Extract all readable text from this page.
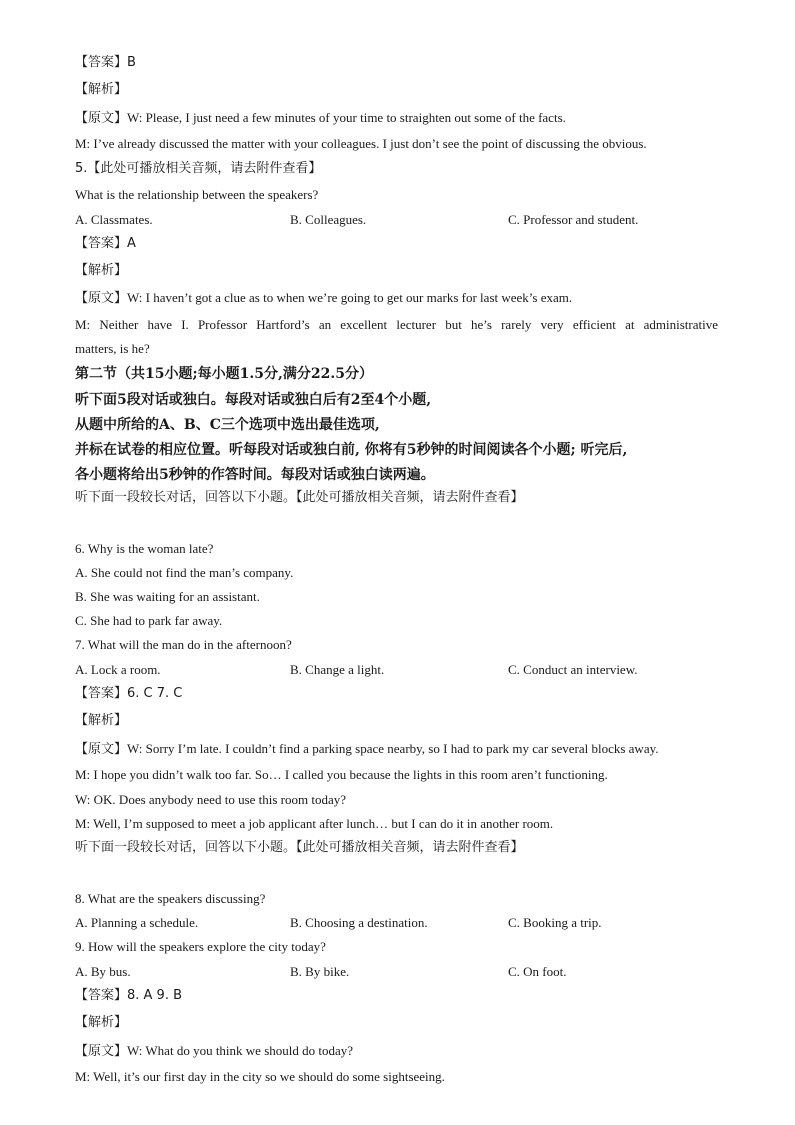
【答案】B
【解析】
【原文】W: Please, I just need a few minutes of your time to straighten out some of the facts.
M: I’ve already discussed the matter with your colleagues. I just don’t see the point of discussing the obvious.
5.【此处可播放相关音频，请去附件查看】
What is the relationship between the speakers?
A. Classmates.	B. Colleagues.	C. Professor and student.
【答案】A
【解析】
【原文】W: I haven’t got a clue as to when we’re going to get our marks for last week’s exam.
M: Neither have I. Professor Hartford’s an excellent lecturer but he’s rarely very efficient at administrative
matters, is he?
第二节（共15小题;每小题1.5分,满分22.5分）
听下面5段对话或独白。每段对话或独白后有2至4个小题,
从题中所给的A、B、C三个选项中选出最佳选项,
并标在试卷的相应位置。听每段对话或独白前, 你将有5秒钟的时间阅读各个小题; 听完后,
各小题将给出5秒钟的作答时间。每段对话或独白读两遍。
听下面一段较长对话，回答以下小题。【此处可播放相关音频，请去附件查看】
6. Why is the woman late?
A. She could not find the man’s company.
B. She was waiting for an assistant.
C. She had to park far away.
7. What will the man do in the afternoon?
A. Lock a room.	B. Change a light.	C. Conduct an interview.
【答案】6. C 7. C
【解析】
【原文】W: Sorry I’m late. I couldn’t find a parking space nearby, so I had to park my car several blocks away.
M: I hope you didn’t walk too far. So… I called you because the lights in this room aren’t functioning.
W: OK. Does anybody need to use this room today?
M: Well, I’m supposed to meet a job applicant after lunch… but I can do it in another room.
听下面一段较长对话，回答以下小题。【此处可播放相关音频，请去附件查看】
8. What are the speakers discussing?
A. Planning a schedule.	B. Choosing a destination.	C. Booking a trip.
9. How will the speakers explore the city today?
A. By bus.	B. By bike.	C. On foot.
【答案】8. A 9. B
【解析】
【原文】W: What do you think we should do today?
M: Well, it’s our first day in the city so we should do some sightseeing.
